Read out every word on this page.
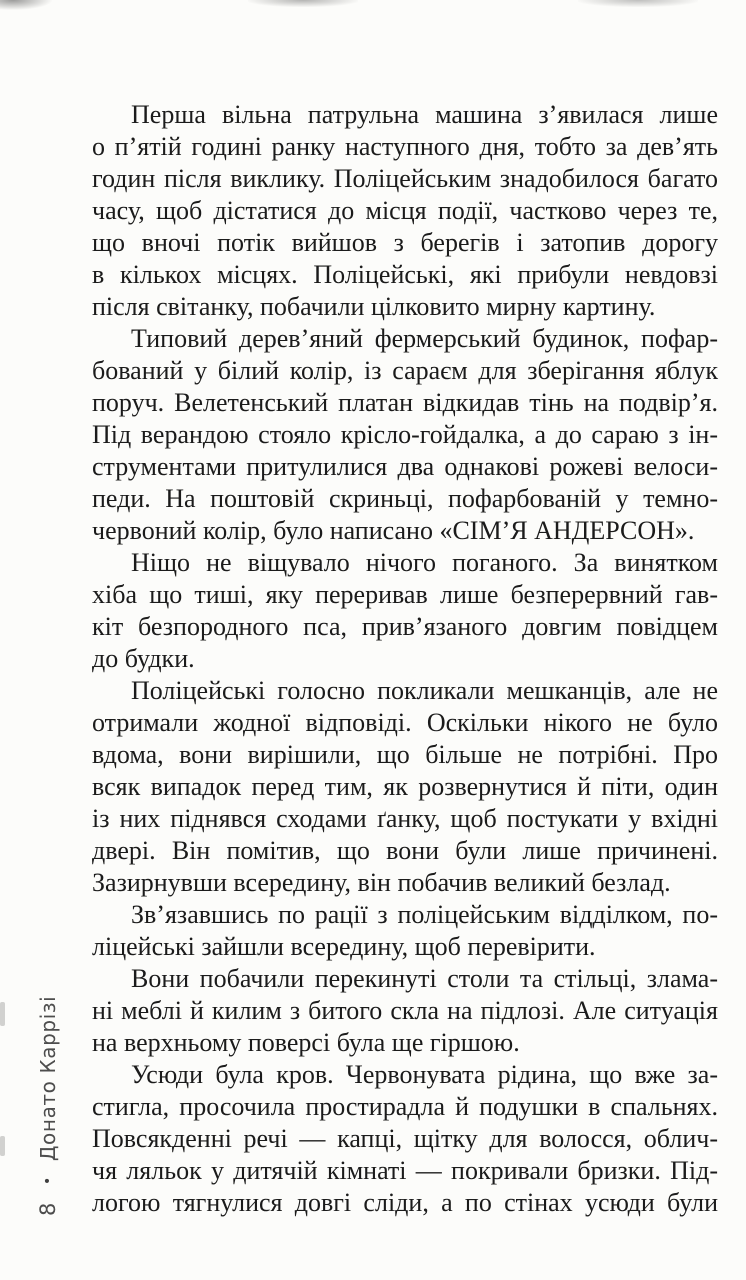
Перша вільна патрульна машина з’явилася лише
о п’ятій годині ранку наступного дня, тобто за дев’ять
годин після виклику. Поліцейським знадобилося багато
часу, щоб дістатися до місця події, частково через те,
що вночі потік вийшов з берегів і затопив дорогу
в кількох місцях. Поліцейські, які прибули невдовзі
після світанку, побачили цілковито мирну картину.
Типовий дерев’яний фермерський будинок, пофар-
бований у білий колір, із сараєм для зберігання яблук
поруч. Велетенський платан відкидав тінь на подвір’я.
Під верандою стояло крісло-гойдалка, а до сараю з ін-
струментами притулилися два однакові рожеві велоси-
педи. На поштовій скриньці, пофарбованій у темно-
червоний колір, було написано «СІМ’Я АНДЕРСОН».
Ніщо не віщувало нічого поганого. За винятком
хіба що тиші, яку переривав лише безперервний гав-
кіт безпородного пса, прив’язаного довгим повідцем
до будки.
Поліцейські голосно покликали мешканців, але не
отримали жодної відповіді. Оскільки нікого не було
вдома, вони вирішили, що більше не потрібні. Про
всяк випадок перед тим, як розвернутися й піти, один
із них піднявся сходами ґанку, щоб постукати у вхідні
двері. Він помітив, що вони були лише причинені.
Зазирнувши всередину, він побачив великий безлад.
Зв’язавшись по рації з поліцейським відділком, по-
ліцейські зайшли всередину, щоб перевірити.
Вони побачили перекинуті столи та стільці, злама-
ні меблі й килим з битого скла на підлозі. Але ситуація
на верхньому поверсі була ще гіршою.
Усюди була кров. Червонувата рідина, що вже за-
стигла, просочила простирадла й подушки в спальнях.
Повсякденні речі — капці, щітку для волосся, облич-
чя ляльок у дитячій кімнаті — покривали бризки. Під-
логою тягнулися довгі сліди, а по стінах усюди були
8
•
Донато Каррізі
